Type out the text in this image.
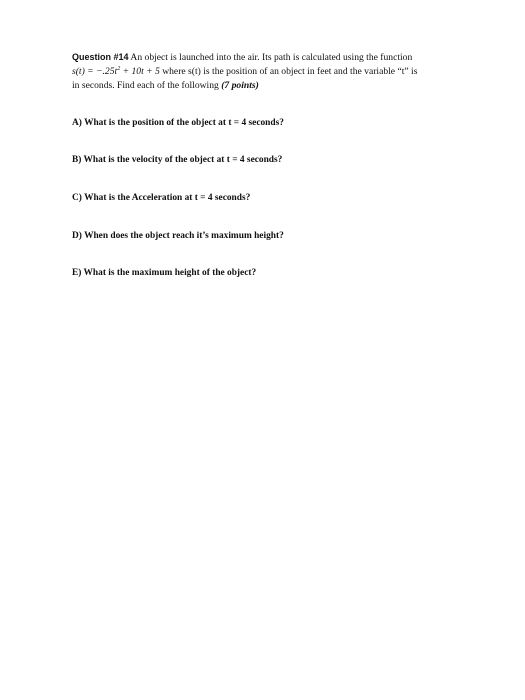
Question #14 An object is launched into the air. Its path is calculated using the function
$s(t) = -.25t^2 + 10t + 5$ where s(t) is the position of an object in feet and the variable “t” is
in seconds. Find each of the following (7 points)
A) What is the position of the object at t = 4 seconds?
B) What is the velocity of the object at t = 4 seconds?
C) What is the Acceleration at t = 4 seconds?
D) When does the object reach it’s maximum height?
E) What is the maximum height of the object?
